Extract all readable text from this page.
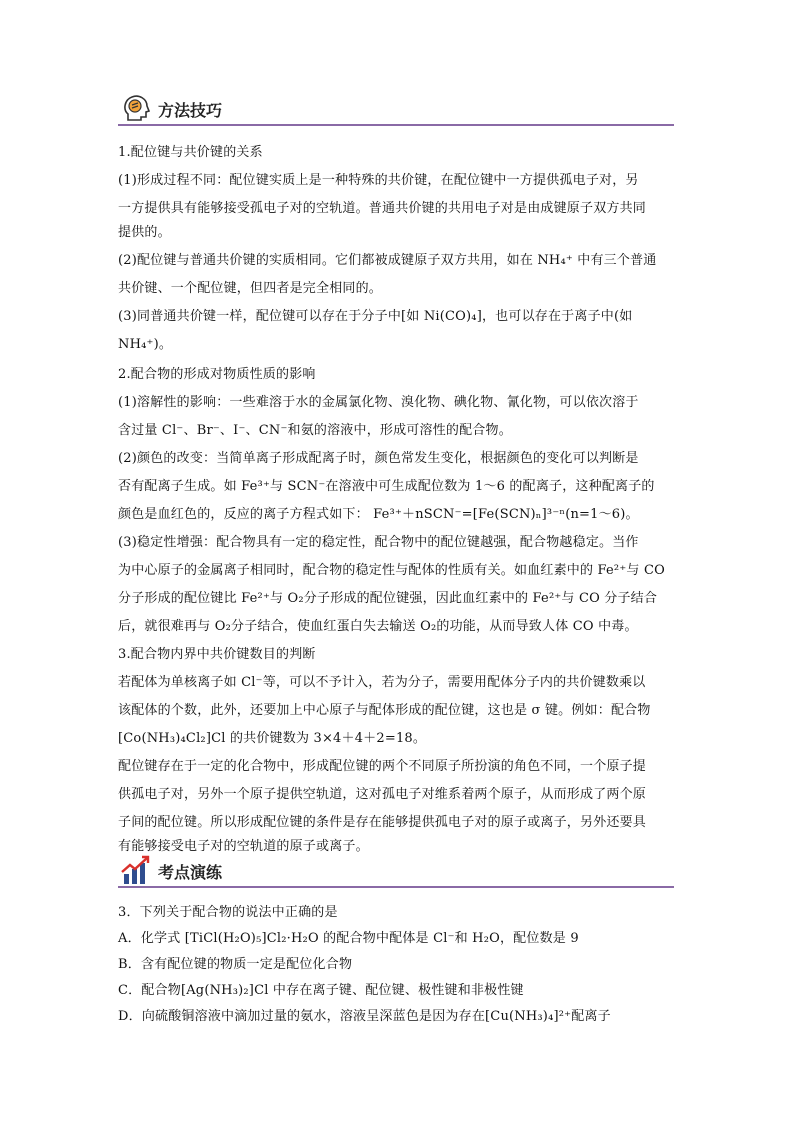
方法技巧
1.配位键与共价键的关系
(1)形成过程不同：配位键实质上是一种特殊的共价键，在配位键中一方提供孤电子对，另
一方提供具有能够接受孤电子对的空轨道。普通共价键的共用电子对是由成键原子双方共同
提供的。
(2)配位键与普通共价键的实质相同。它们都被成键原子双方共用，如在 NH₄⁺ 中有三个普通
共价键、一个配位键，但四者是完全相同的。
(3)同普通共价键一样，配位键可以存在于分子中[如 Ni(CO)₄]，也可以存在于离子中(如
NH₄⁺)。
2.配合物的形成对物质性质的影响
(1)溶解性的影响：一些难溶于水的金属氯化物、溴化物、碘化物、氰化物，可以依次溶于
含过量 Cl⁻、Br⁻、I⁻、CN⁻和氨的溶液中，形成可溶性的配合物。
(2)颜色的改变：当简单离子形成配离子时，颜色常发生变化，根据颜色的变化可以判断是
否有配离子生成。如 Fe³⁺与 SCN⁻在溶液中可生成配位数为 1～6 的配离子，这种配离子的
颜色是血红色的，反应的离子方程式如下： Fe³⁺＋nSCN⁻=[Fe(SCN)ₙ]³⁻ⁿ(n=1～6)。
(3)稳定性增强：配合物具有一定的稳定性，配合物中的配位键越强，配合物越稳定。当作
为中心原子的金属离子相同时，配合物的稳定性与配体的性质有关。如血红素中的 Fe²⁺与 CO
分子形成的配位键比 Fe²⁺与 O₂分子形成的配位键强，因此血红素中的 Fe²⁺与 CO 分子结合
后，就很难再与 O₂分子结合，使血红蛋白失去输送 O₂的功能，从而导致人体 CO 中毒。
3.配合物内界中共价键数目的判断
若配体为单核离子如 Cl⁻等，可以不予计入，若为分子，需要用配体分子内的共价键数乘以
该配体的个数，此外，还要加上中心原子与配体形成的配位键，这也是 σ 键。例如：配合物
[Co(NH₃)₄Cl₂]Cl 的共价键数为 3×4＋4＋2=18。
配位键存在于一定的化合物中，形成配位键的两个不同原子所扮演的角色不同，一个原子提
供孤电子对，另外一个原子提供空轨道，这对孤电子对维系着两个原子，从而形成了两个原
子间的配位键。所以形成配位键的条件是存在能够提供孤电子对的原子或离子，另外还要具
有能够接受电子对的空轨道的原子或离子。
考点演练
3．下列关于配合物的说法中正确的是
A．化学式 [TiCl(H₂O)₅]Cl₂·H₂O 的配合物中配体是 Cl⁻和 H₂O，配位数是 9
B．含有配位键的物质一定是配位化合物
C．配合物[Ag(NH₃)₂]Cl 中存在离子键、配位键、极性键和非极性键
D．向硫酸铜溶液中滴加过量的氨水，溶液呈深蓝色是因为存在[Cu(NH₃)₄]²⁺配离子
